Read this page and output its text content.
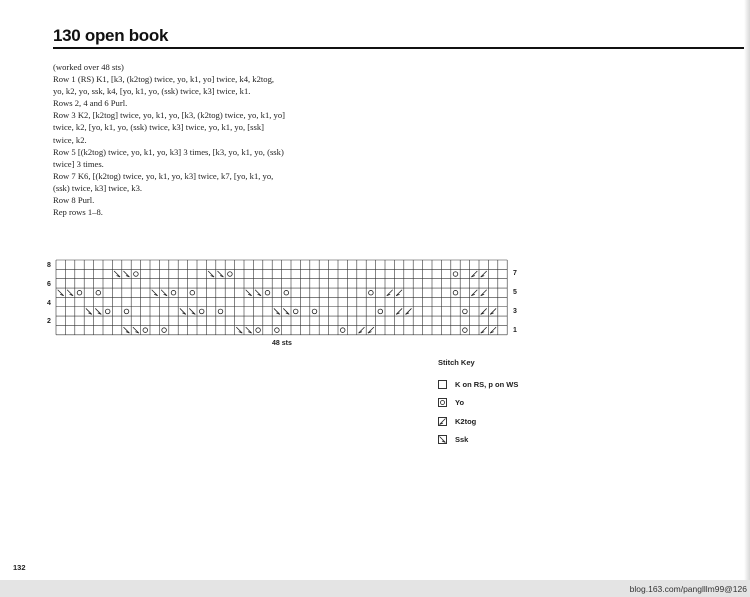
130 open book
(worked over 48 sts)
Row 1 (RS) K1, [k3, (k2tog) twice, yo, k1, yo] twice, k4, k2tog,
yo, k2, yo, ssk, k4, [yo, k1, yo, (ssk) twice, k3] twice, k1.
Rows 2, 4 and 6 Purl.
Row 3 K2, [k2tog] twice, yo, k1, yo, [k3, (k2tog) twice, yo, k1, yo]
twice, k2, [yo, k1, yo, (ssk) twice, k3] twice, yo, k1, yo, [ssk]
twice, k2.
Row 5 [(k2tog) twice, yo, k1, yo, k3] 3 times, [k3, yo, k1, yo, (ssk)
twice] 3 times.
Row 7 K6, [(k2tog) twice, yo, k1, yo, k3] twice, k7, [yo, k1, yo,
(ssk) twice, k3] twice, k3.
Row 8 Purl.
Rep rows 1–8.
8
6
4
2
7
5
3
1
48 sts
Stitch Key
K on RS, p on WS
Yo
K2tog
Ssk
132
blog.163.com/panglllm99@126
